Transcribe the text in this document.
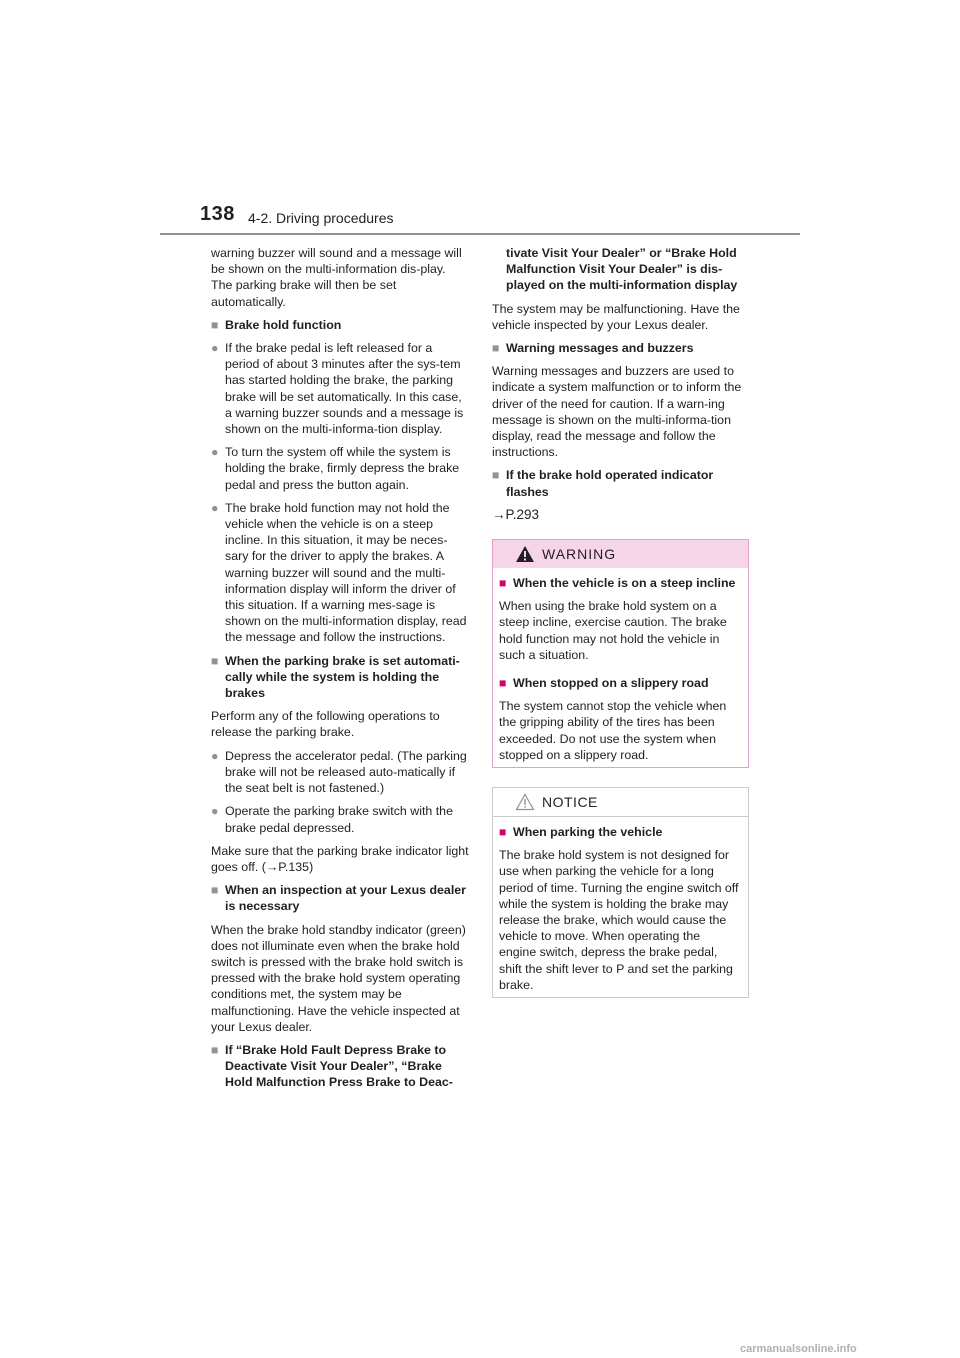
138 4-2. Driving procedures

warning buzzer will sound and a message will be shown on the multi-information dis-play. The parking brake will then be set automatically.

■ Brake hold function
● If the brake pedal is left released for a period of about 3 minutes after the sys-tem has started holding the brake, the parking brake will be set automatically. In this case, a warning buzzer sounds and a message is shown on the multi-informa-tion display.
● To turn the system off while the system is holding the brake, firmly depress the brake pedal and press the button again.
● The brake hold function may not hold the vehicle when the vehicle is on a steep incline. In this situation, it may be neces-sary for the driver to apply the brakes. A warning buzzer will sound and the multi-information display will inform the driver of this situation. If a warning mes-sage is shown on the multi-information display, read the message and follow the instructions.
■ When the parking brake is set automati-cally while the system is holding the brakes

Perform any of the following operations to release the parking brake.

● Depress the accelerator pedal. (The parking brake will not be released auto-matically if the seat belt is not fastened.)
● Operate the parking brake switch with the brake pedal depressed.

Make sure that the parking brake indicator light goes off. (→P.135)

■ When an inspection at your Lexus dealer is necessary

When the brake hold standby indicator (green) does not illuminate even when the brake hold switch is pressed with the brake hold switch is pressed with the brake hold system operating conditions met, the system may be malfunctioning. Have the vehicle inspected at your Lexus dealer.

■ If “Brake Hold Fault Depress Brake to Deactivate Visit Your Dealer”, “Brake Hold Malfunction Press Brake to Deac-
tivate Visit Your Dealer” or “Brake Hold Malfunction Visit Your Dealer” is dis-played on the multi-information display

The system may be malfunctioning. Have the vehicle inspected by your Lexus dealer.

■ Warning messages and buzzers

Warning messages and buzzers are used to indicate a system malfunction or to inform the driver of the need for caution. If a warn-ing message is shown on the multi-informa-tion display, read the message and follow the instructions.

■ If the brake hold operated indicator flashes

→P.293

WARNING
■ When the vehicle is on a steep incline

When using the brake hold system on a steep incline, exercise caution. The brake hold function may not hold the vehicle in such a situation.

■ When stopped on a slippery road

The system cannot stop the vehicle when the gripping ability of the tires has been exceeded. Do not use the system when stopped on a slippery road.

NOTICE
■ When parking the vehicle

The brake hold system is not designed for use when parking the vehicle for a long period of time. Turning the engine switch off while the system is holding the brake may release the brake, which would cause the vehicle to move. When operating the engine switch, depress the brake pedal, shift the shift lever to P and set the parking brake.

carmanualsonline.info
